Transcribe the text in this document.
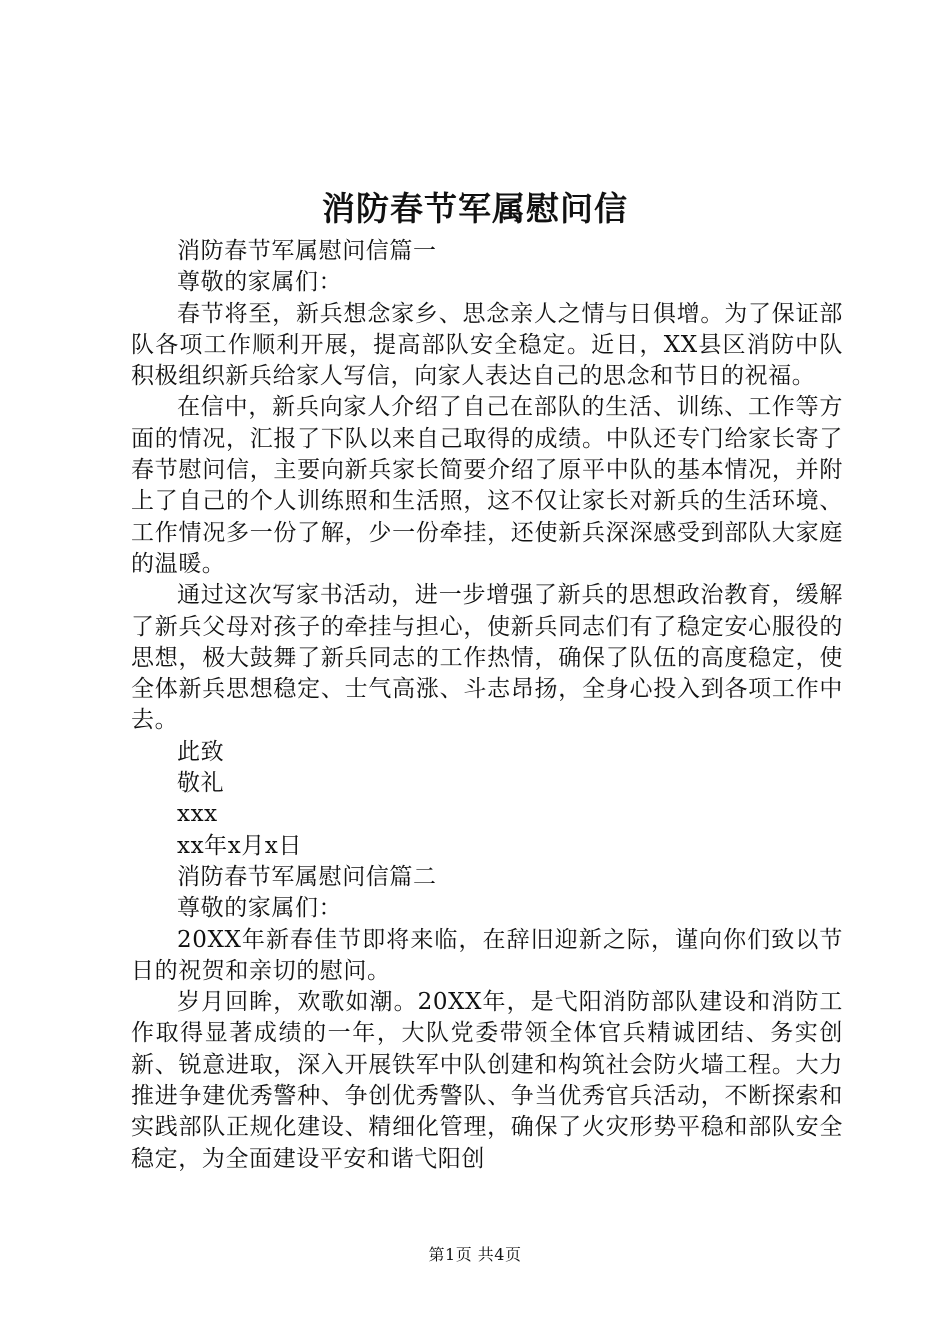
消防春节军属慰问信

消防春节军属慰问信篇一

尊敬的家属们：

春节将至，新兵想念家乡、思念亲人之情与日俱增。为了保证部队各项工作顺利开展，提高部队安全稳定。近日，XX县区消防中队积极组织新兵给家人写信，向家人表达自己的思念和节日的祝福。

在信中，新兵向家人介绍了自己在部队的生活、训练、工作等方面的情况，汇报了下队以来自己取得的成绩。中队还专门给家长寄了春节慰问信，主要向新兵家长简要介绍了原平中队的基本情况，并附上了自己的个人训练照和生活照，这不仅让家长对新兵的生活环境、工作情况多一份了解，少一份牵挂，还使新兵深深感受到部队大家庭的温暖。

通过这次写家书活动，进一步增强了新兵的思想政治教育，缓解了新兵父母对孩子的牵挂与担心，使新兵同志们有了稳定安心服役的思想，极大鼓舞了新兵同志的工作热情，确保了队伍的高度稳定，使全体新兵思想稳定、士气高涨、斗志昂扬，全身心投入到各项工作中去。

此致

敬礼

xxx

xx年x月x日

消防春节军属慰问信篇二

尊敬的家属们：

20XX年新春佳节即将来临，在辞旧迎新之际，谨向你们致以节日的祝贺和亲切的慰问。

岁月回眸，欢歌如潮。20XX年，是弋阳消防部队建设和消防工作取得显著成绩的一年，大队党委带领全体官兵精诚团结、务实创新、锐意进取，深入开展铁军中队创建和构筑社会防火墙工程。大力推进争建优秀警种、争创优秀警队、争当优秀官兵活动，不断探索和实践部队正规化建设、精细化管理，确保了火灾形势平稳和部队安全稳定，为全面建设平安和谐弋阳创

第1页 共4页
